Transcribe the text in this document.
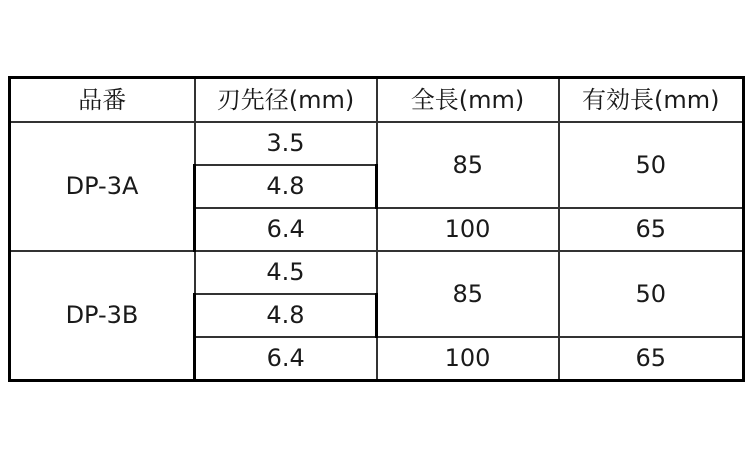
品番	刃先径(mm)	全長(mm)	有効長(mm)
DP-3A	3.5	85	50
	4.8		
	6.4	100	65
DP-3B	4.5	85	50
	4.8		
	6.4	100	65
